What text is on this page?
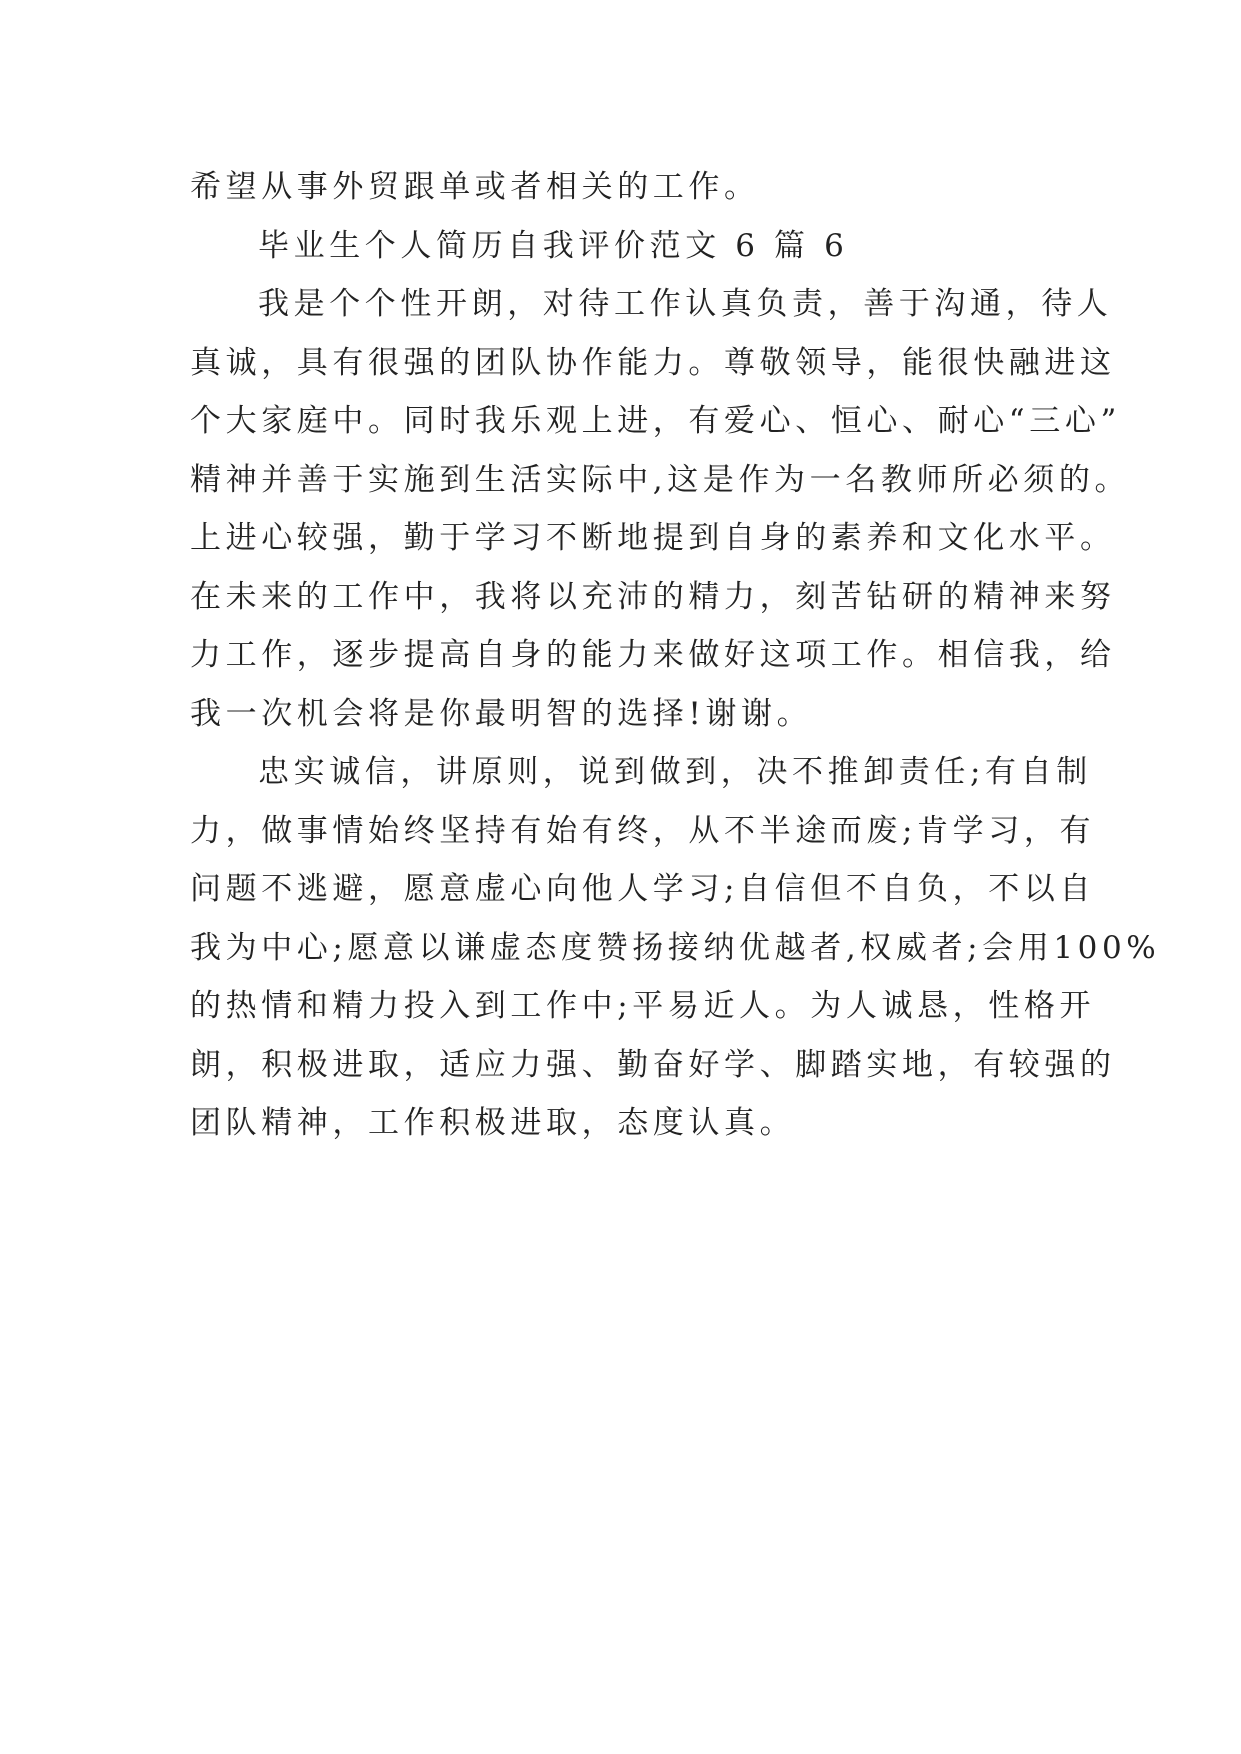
希望从事外贸跟单或者相关的工作。
毕业生个人简历自我评价范文 6 篇 6
我是个个性开朗，对待工作认真负责，善于沟通，待人
真诚，具有很强的团队协作能力。尊敬领导，能很快融进这
个大家庭中。同时我乐观上进，有爱心、恒心、耐心“三心”
精神并善于实施到生活实际中,这是作为一名教师所必须的。
上进心较强，勤于学习不断地提到自身的素养和文化水平。
在未来的工作中，我将以充沛的精力，刻苦钻研的精神来努
力工作，逐步提高自身的能力来做好这项工作。相信我，给
我一次机会将是你最明智的选择!谢谢。
忠实诚信，讲原则，说到做到，决不推卸责任;有自制
力，做事情始终坚持有始有终，从不半途而废;肯学习，有
问题不逃避，愿意虚心向他人学习;自信但不自负，不以自
我为中心;愿意以谦虚态度赞扬接纳优越者,权威者;会用100%
的热情和精力投入到工作中;平易近人。为人诚恳，性格开
朗，积极进取，适应力强、勤奋好学、脚踏实地，有较强的
团队精神，工作积极进取，态度认真。
